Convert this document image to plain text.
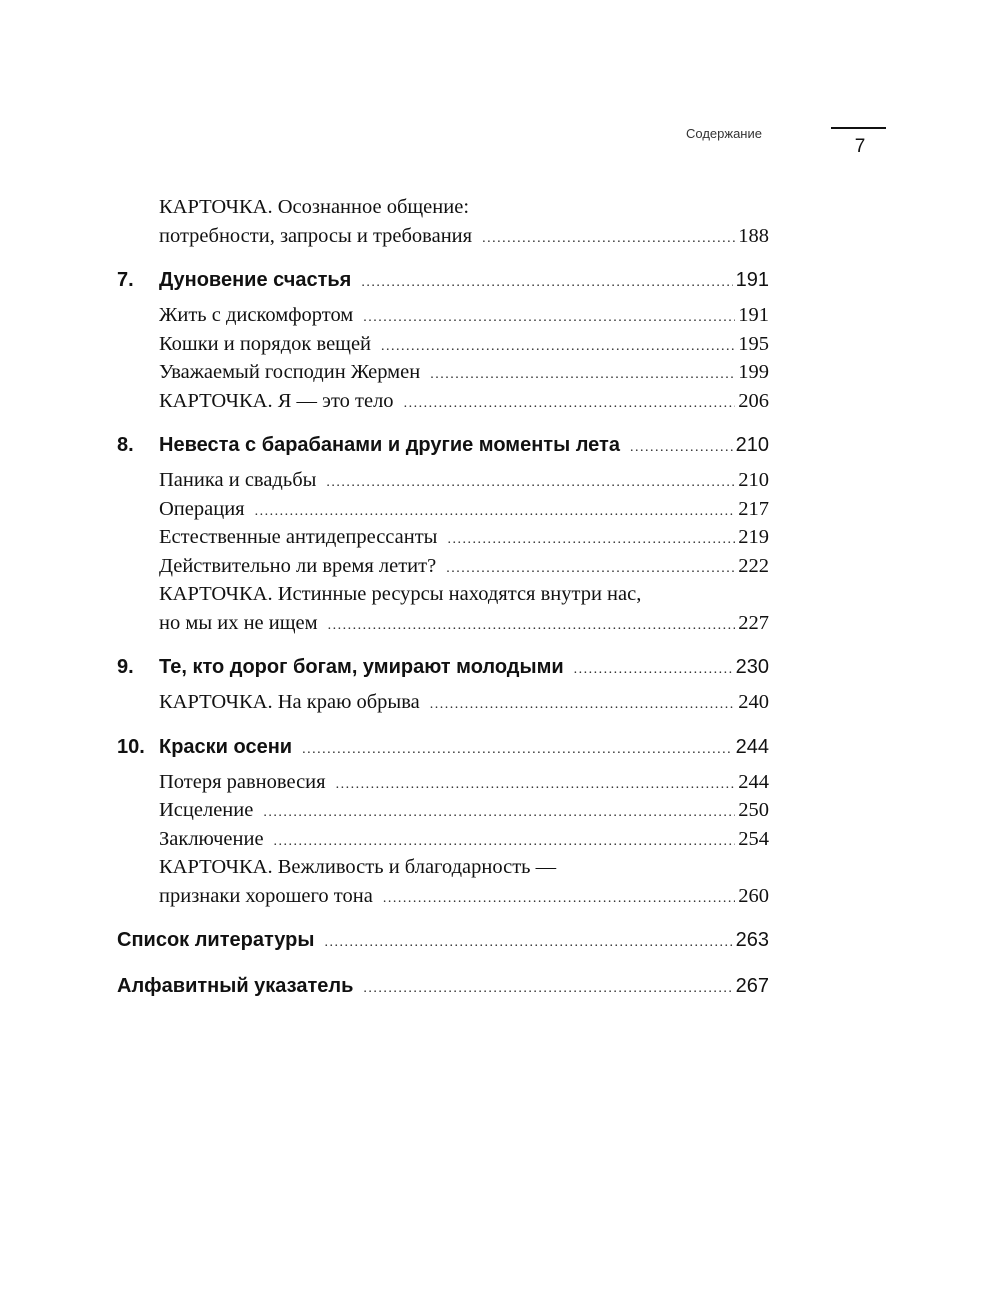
Содержание
7
КАРТОЧКА. Осознанное общение:
потребности, запросы и требования .....	188
7.	Дуновение счастья .....	191
Жить с дискомфортом .....	191
Кошки и порядок вещей .....	195
Уважаемый господин Жермен .....	199
КАРТОЧКА. Я — это тело .....	206
8.	Невеста с барабанами и другие моменты лета .....	210
Паника и свадьбы .....	210
Операция .....	217
Естественные антидепрессанты .....	219
Действительно ли время летит? .....	222
КАРТОЧКА. Истинные ресурсы находятся внутри нас,
но мы их не ищем .....	227
9.	Те, кто дорог богам, умирают молодыми .....	230
КАРТОЧКА. На краю обрыва .....	240
10. Краски осени .....	244
Потеря равновесия .....	244
Исцеление .....	250
Заключение .....	254
КАРТОЧКА. Вежливость и благодарность —
признаки хорошего тона .....	260
Список литературы .....	263
Алфавитный указатель .....	267
